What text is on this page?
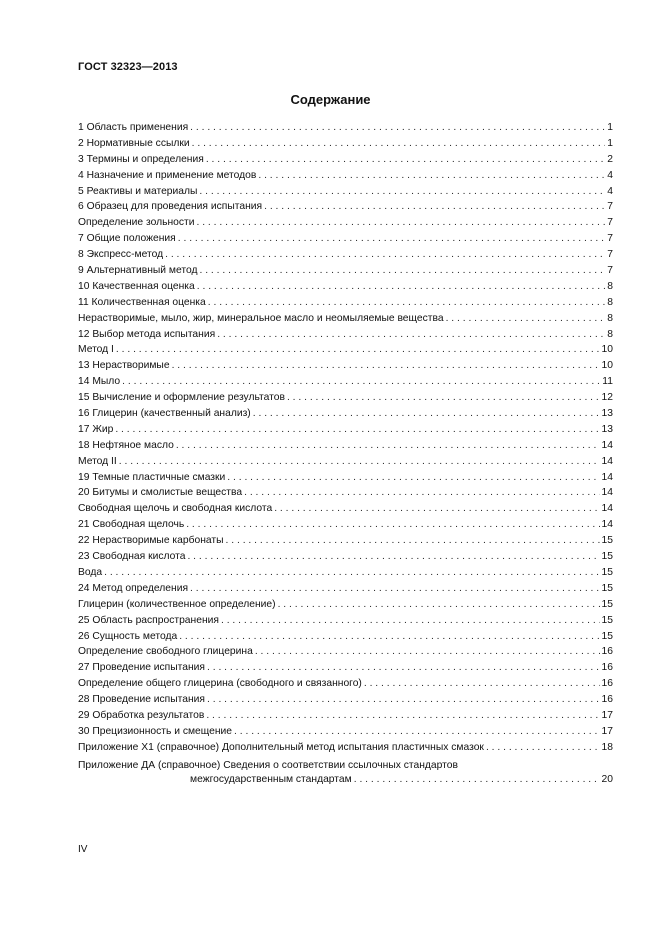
ГОСТ 32323—2013
Содержание
1 Область применения . . .	1
2 Нормативные ссылки . . .	1
3 Термины и определения . . .	2
4 Назначение и применение методов . . .	4
5 Реактивы и материалы . . .	4
6 Образец для проведения испытания . . .	7
Определение зольности . . .	7
7 Общие положения . . .	7
8 Экспресс-метод . . .	7
9 Альтернативный метод . . .	7
10 Качественная оценка . . .	8
11 Количественная оценка . . .	8
Нерастворимые, мыло, жир, минеральное масло и неомыляемые вещества . . .	8
12 Выбор метода испытания . . .	8
Метод I . . .	10
13 Нерастворимые . . .	10
14 Мыло . . .	11
15 Вычисление и оформление результатов . . .	12
16 Глицерин (качественный анализ) . . .	13
17 Жир . . .	13
18 Нефтяное масло . . .	14
Метод II . . .	14
19 Темные пластичные смазки . . .	14
20 Битумы и смолистые вещества . . .	14
Свободная щелочь и свободная кислота . . .	14
21 Свободная щелочь . . .	14
22 Нерастворимые карбонаты . . .	15
23 Свободная кислота . . .	15
Вода . . .	15
24 Метод определения . . .	15
Глицерин (количественное определение) . . .	15
25 Область распространения . . .	15
26 Сущность метода . . .	15
Определение свободного глицерина . . .	16
27 Проведение испытания . . .	16
Определение общего глицерина (свободного и связанного) . . .	16
28 Проведение испытания . . .	16
29 Обработка результатов . . .	17
30 Прецизионность и смещение . . .	17
Приложение Х1 (справочное) Дополнительный метод испытания пластичных смазок . . .	18
Приложение ДА (справочное) Сведения о соответствии ссылочных стандартов
межгосударственным стандартам . . .	20
IV
